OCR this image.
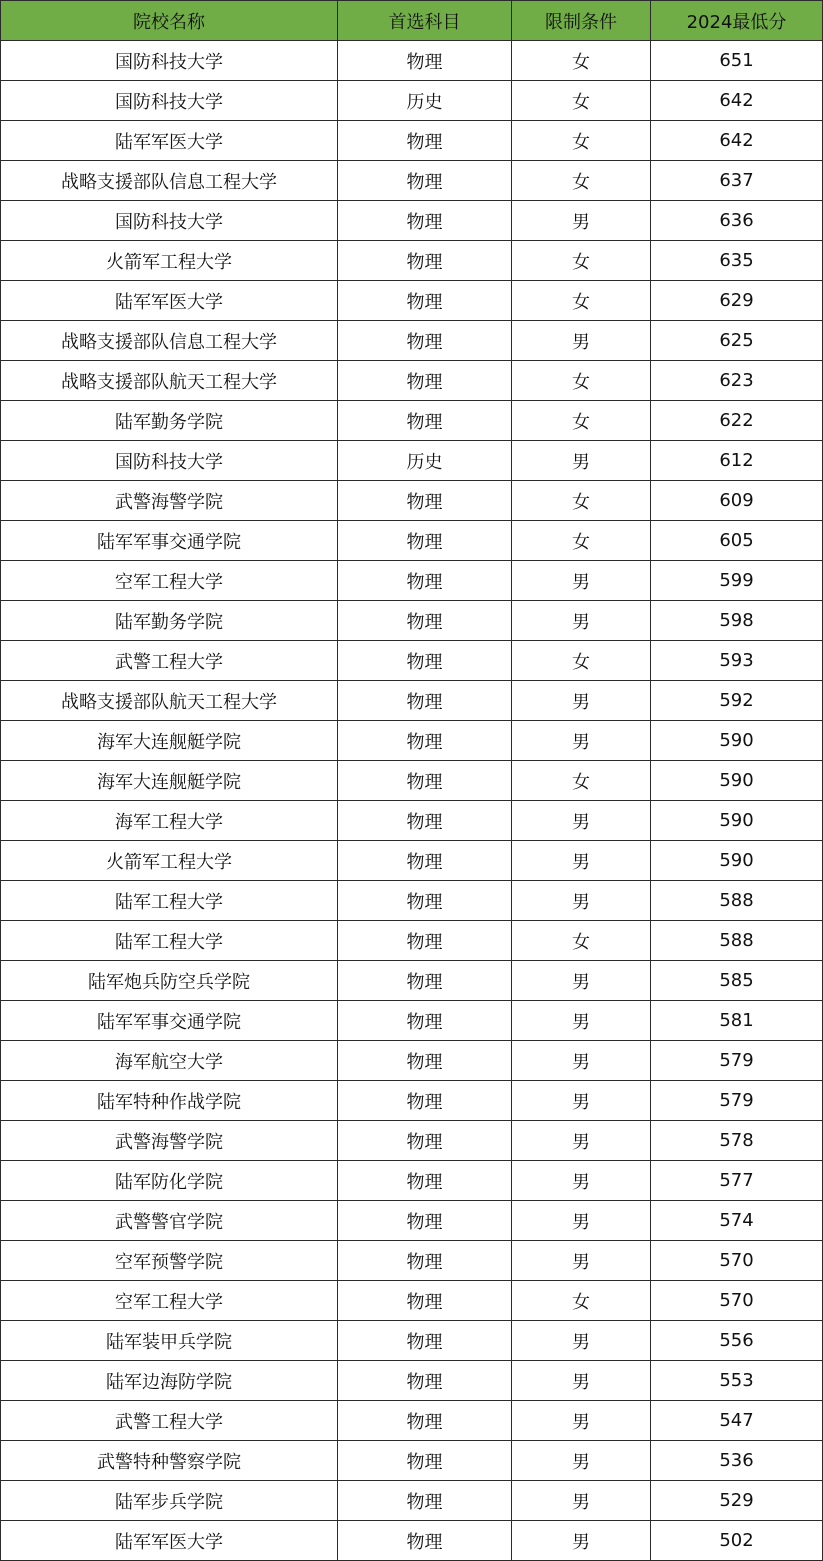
院校名称	首选科目	限制条件	2024最低分
国防科技大学	物理	女	651
国防科技大学	历史	女	642
陆军军医大学	物理	女	642
战略支援部队信息工程大学	物理	女	637
国防科技大学	物理	男	636
火箭军工程大学	物理	女	635
陆军军医大学	物理	女	629
战略支援部队信息工程大学	物理	男	625
战略支援部队航天工程大学	物理	女	623
陆军勤务学院	物理	女	622
国防科技大学	历史	男	612
武警海警学院	物理	女	609
陆军军事交通学院	物理	女	605
空军工程大学	物理	男	599
陆军勤务学院	物理	男	598
武警工程大学	物理	女	593
战略支援部队航天工程大学	物理	男	592
海军大连舰艇学院	物理	男	590
海军大连舰艇学院	物理	女	590
海军工程大学	物理	男	590
火箭军工程大学	物理	男	590
陆军工程大学	物理	男	588
陆军工程大学	物理	女	588
陆军炮兵防空兵学院	物理	男	585
陆军军事交通学院	物理	男	581
海军航空大学	物理	男	579
陆军特种作战学院	物理	男	579
武警海警学院	物理	男	578
陆军防化学院	物理	男	577
武警警官学院	物理	男	574
空军预警学院	物理	男	570
空军工程大学	物理	女	570
陆军装甲兵学院	物理	男	556
陆军边海防学院	物理	男	553
武警工程大学	物理	男	547
武警特种警察学院	物理	男	536
陆军步兵学院	物理	男	529
陆军军医大学	物理	男	502
